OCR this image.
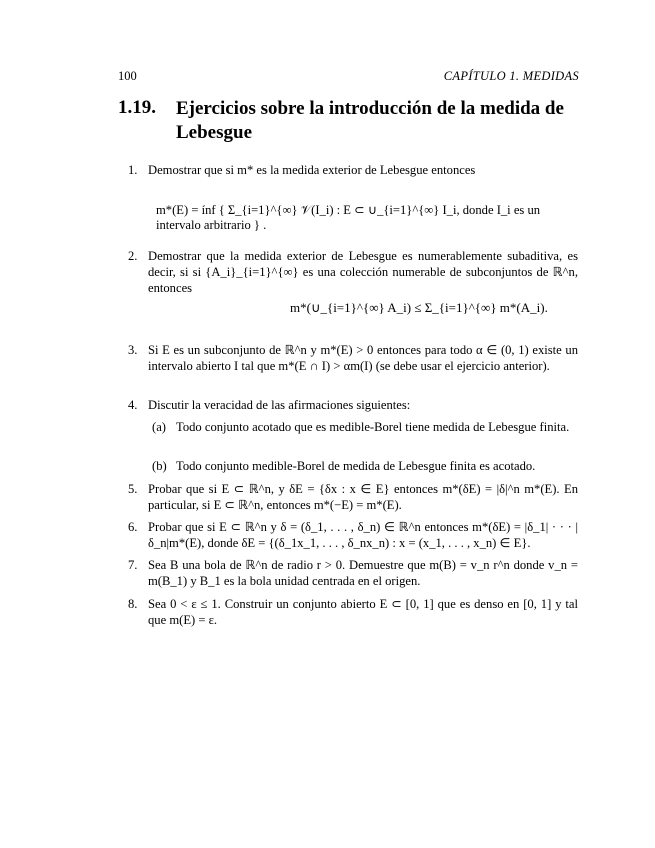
100	CAPÍTULO 1. MEDIDAS
1.19. Ejercicios sobre la introducción de la medida de Lebesgue
1. Demostrar que si m* es la medida exterior de Lebesgue entonces
m*(E) = ínf { Σ_{i=1}^{∞} 𝒱(I_i) : E ⊂ ∪_{i=1}^{∞} I_i, donde I_i es un intervalo arbitrario } .
2. Demostrar que la medida exterior de Lebesgue es numerablemente subaditiva, es decir, si si {A_i}_{i=1}^{∞} es una colección numerable de subconjuntos de ℝ^n, entonces
m*(∪_{i=1}^{∞} A_i) ≤ Σ_{i=1}^{∞} m*(A_i).
3. Si E es un subconjunto de ℝ^n y m*(E) > 0 entonces para todo α ∈ (0, 1) existe un intervalo abierto I tal que m*(E ∩ I) > αm(I) (se debe usar el ejercicio anterior).
4. Discutir la veracidad de las afirmaciones siguientes:
(a) Todo conjunto acotado que es medible-Borel tiene medida de Lebesgue finita.
(b) Todo conjunto medible-Borel de medida de Lebesgue finita es acotado.
5. Probar que si E ⊂ ℝ^n, y δE = {δx : x ∈ E} entonces m*(δE) = |δ|^n m*(E). En particular, si E ⊂ ℝ^n, entonces m*(−E) = m*(E).
6. Probar que si E ⊂ ℝ^n y δ = (δ_1, . . . , δ_n) ∈ ℝ^n entonces m*(δE) = |δ_1| · · · |δ_n|m*(E), donde δE = {(δ_1x_1, . . . , δ_nx_n) : x = (x_1, . . . , x_n) ∈ E}.
7. Sea B una bola de ℝ^n de radio r > 0. Demuestre que m(B) = v_n r^n donde v_n = m(B_1) y B_1 es la bola unidad centrada en el origen.
8. Sea 0 < ε ≤ 1. Construir un conjunto abierto E ⊂ [0, 1] que es denso en [0, 1] y tal que m(E) = ε.
